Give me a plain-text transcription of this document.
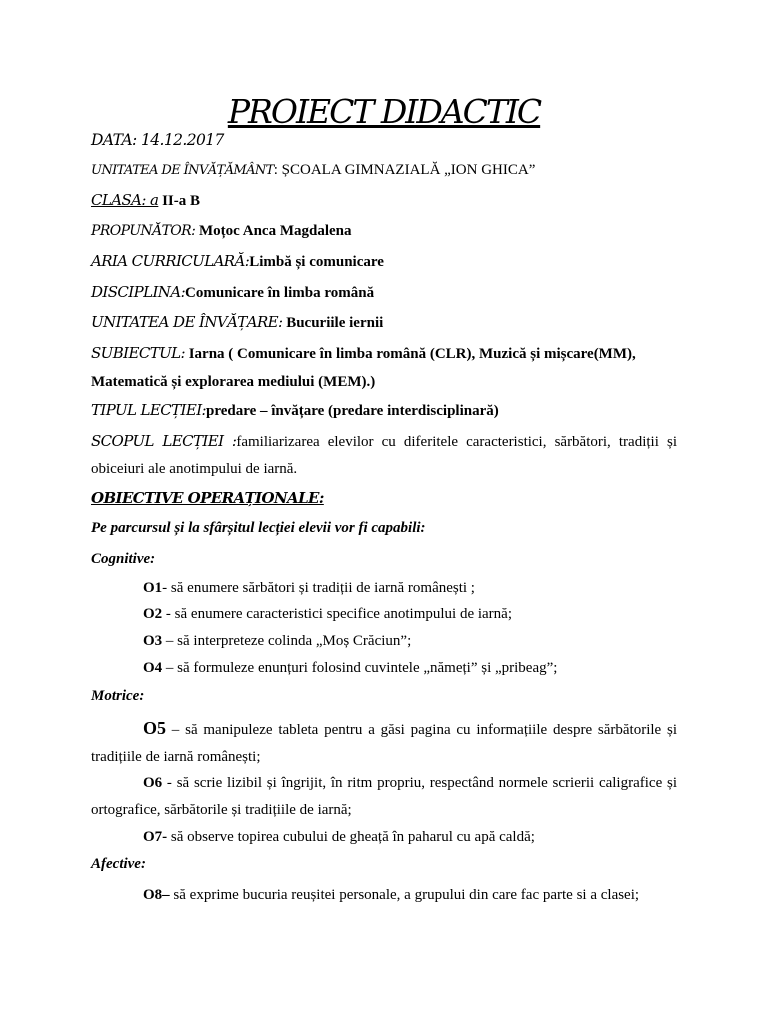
PROIECT DIDACTIC
DATA: 14.12.2017
UNITATEA DE ÎNVĂȚĂMÂNT: ȘCOALA GIMNAZIALĂ „ION GHICA”
CLASA: a II-a B
PROPUNĂTOR: Moțoc Anca Magdalena
ARIA CURRICULARĂ:Limbă și comunicare
DISCIPLINA:Comunicare în limba română
UNITATEA DE ÎNVĂȚARE: Bucuriile iernii
SUBIECTUL: Iarna ( Comunicare în limba română (CLR), Muzică și mișcare(MM),
Matematică și explorarea mediului (MEM).)
TIPUL LECȚIEI:predare – învățare (predare interdisciplinară)
SCOPUL LECȚIEI :familiarizarea elevilor cu diferitele caracteristici, sărbători, tradiții și
obiceiuri ale anotimpului de iarnă.
OBIECTIVE OPERAȚIONALE:
Pe parcursul și la sfârșitul lecției elevii vor fi capabili:
Cognitive:
O1- să enumere sărbători și tradiții de iarnă românești ;
O2 - să enumere caracteristici specifice anotimpului de iarnă;
O3 – să interpreteze colinda „Moș Crăciun”;
O4 – să formuleze enunțuri folosind cuvintele „nămeți” și „pribeag”;
Motrice:
O5 – să manipuleze tableta pentru a găsi pagina cu informațiile despre sărbătorile și
tradițiile de iarnă românești;
O6 - să scrie lizibil și îngrijit, în ritm propriu, respectând normele scrierii caligrafice și
ortografice, sărbătorile și tradițiile de iarnă;
O7- să observe topirea cubului de gheață în paharul cu apă caldă;
Afective:
O8– să exprime bucuria reușitei personale, a grupului din care fac parte si a clasei;
